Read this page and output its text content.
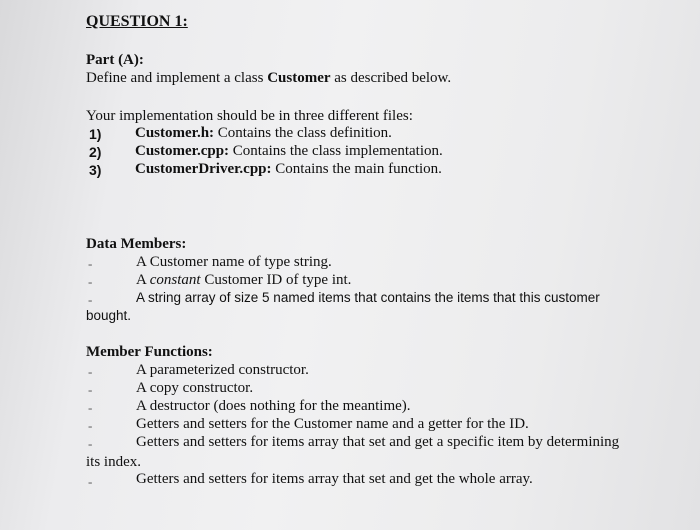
QUESTION 1:
Part (A):
Define and implement a class Customer as described below.
Your implementation should be in three different files:
1) Customer.h: Contains the class definition.
2) Customer.cpp: Contains the class implementation.
3) CustomerDriver.cpp: Contains the main function.
Data Members:
-	A Customer name of type string.
-	A constant Customer ID of type int.
-	A string array of size 5 named items that contains the items that this customer
bought.
Member Functions:
-	A parameterized constructor.
-	A copy constructor.
-	A destructor (does nothing for the meantime).
-	Getters and setters for the Customer name and a getter for the ID.
-	Getters and setters for items array that set and get a specific item by determining
its index.
-	Getters and setters for items array that set and get the whole array.
